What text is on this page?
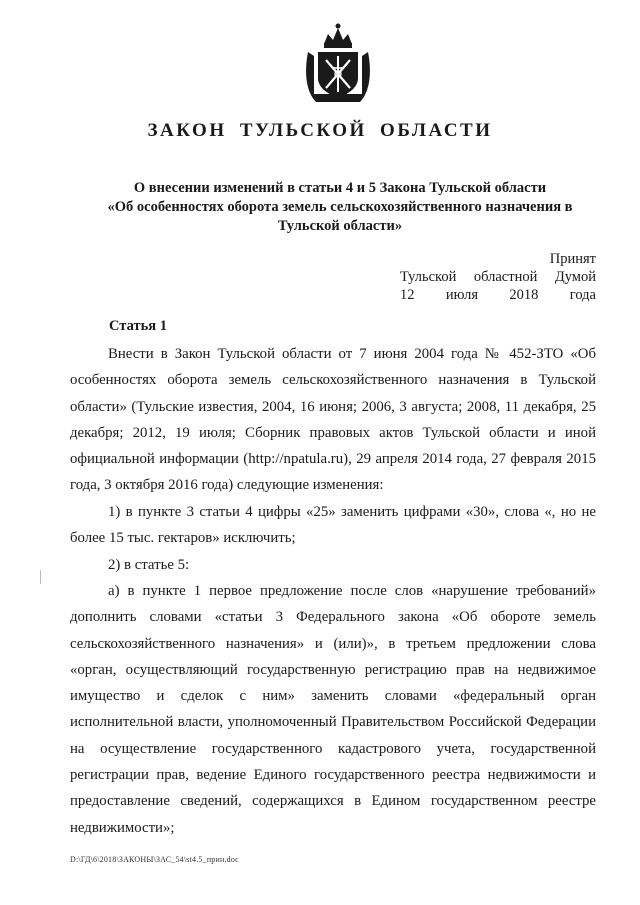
ЗАКОН ТУЛЬСКОЙ ОБЛАСТИ
О внесении изменений в статьи 4 и 5 Закона Тульской области
«Об особенностях оборота земель сельскохозяйственного назначения в
Тульской области»
Принят
Тульской областной Думой
12 июля 2018 года
Статья 1

Внести в Закон Тульской области от 7 июня 2004 года № 452-ЗТО «Об особенностях оборота земель сельскохозяйственного назначения в Тульской области» (Тульские известия, 2004, 16 июня; 2006, 3 августа; 2008, 11 декабря, 25 декабря; 2012, 19 июля; Сборник правовых актов Тульской области и иной официальной информации (http://npatula.ru), 29 апреля 2014 года, 27 февраля 2015 года, 3 октября 2016 года) следующие изменения:

1) в пункте 3 статьи 4 цифры «25» заменить цифрами «30», слова «, но не более 15 тыс. гектаров» исключить;

2) в статье 5:

а) в пункте 1 первое предложение после слов «нарушение требований» дополнить словами «статьи 3 Федерального закона «Об обороте земель сельскохозяйственного назначения» и (или)», в третьем предложении слова «орган, осуществляющий государственную регистрацию прав на недвижимое имущество и сделок с ним» заменить словами «федеральный орган исполнительной власти, уполномоченный Правительством Российской Федерации на осуществление государственного кадастрового учета, государственной регистрации прав, ведение Единого государственного реестра недвижимости и предоставление сведений, содержащихся в Едином государственном реестре недвижимости»;

D:\ГД\6\2018\ЗАКОНЫ\ЗАС_54\st4.5_прин.doc
